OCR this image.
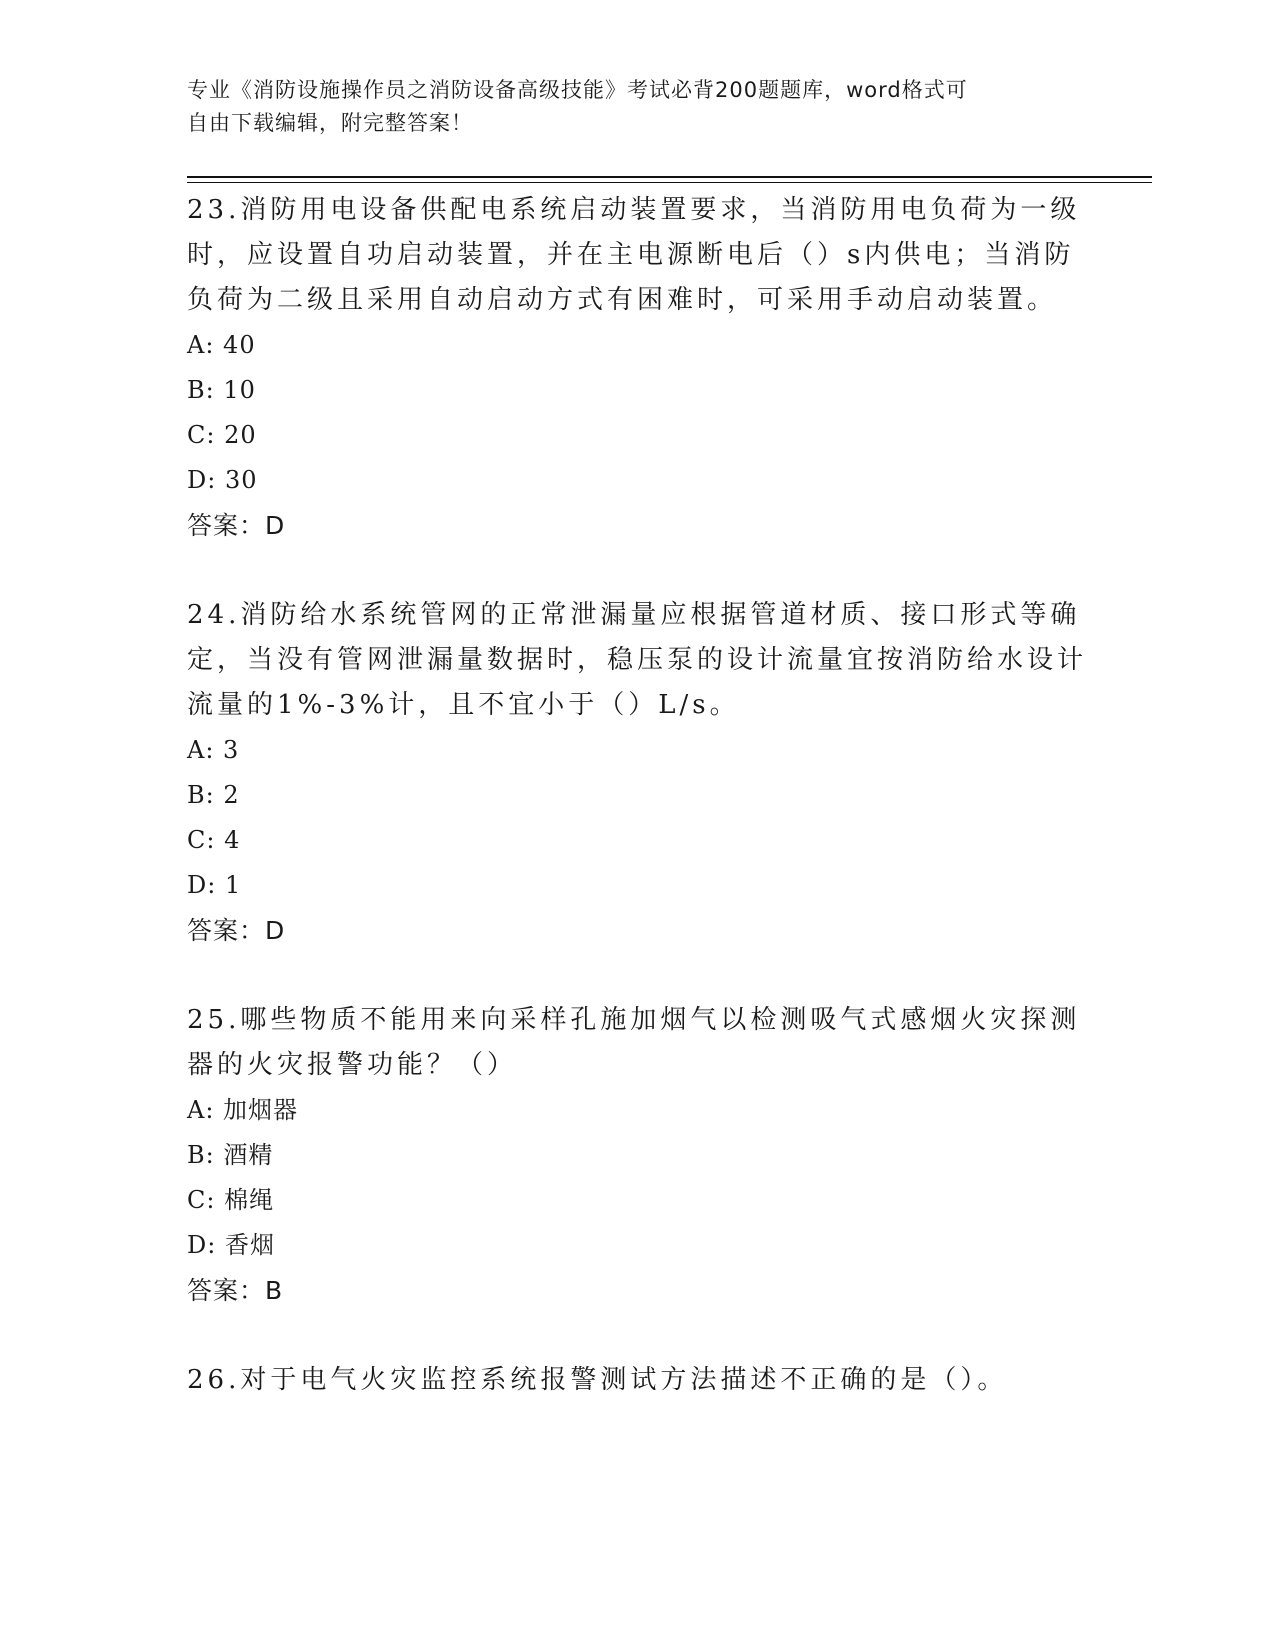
专业《消防设施操作员之消防设备高级技能》考试必背200题题库，word格式可
自由下载编辑，附完整答案！
23.消防用电设备供配电系统启动装置要求，当消防用电负荷为一级时，应设置自功启动装置，并在主电源断电后（）s内供电；当消防负荷为二级且采用自动启动方式有困难时，可采用手动启动装置。
A: 40
B: 10
C: 20
D: 30
答案：D
24.消防给水系统管网的正常泄漏量应根据管道材质、接口形式等确定，当没有管网泄漏量数据时，稳压泵的设计流量宜按消防给水设计流量的1%-3%计，且不宜小于（）L/s。
A: 3
B: 2
C: 4
D: 1
答案：D
25.哪些物质不能用来向采样孔施加烟气以检测吸气式感烟火灾探测器的火灾报警功能？（）
A: 加烟器
B: 酒精
C: 棉绳
D: 香烟
答案：B
26.对于电气火灾监控系统报警测试方法描述不正确的是（）。
